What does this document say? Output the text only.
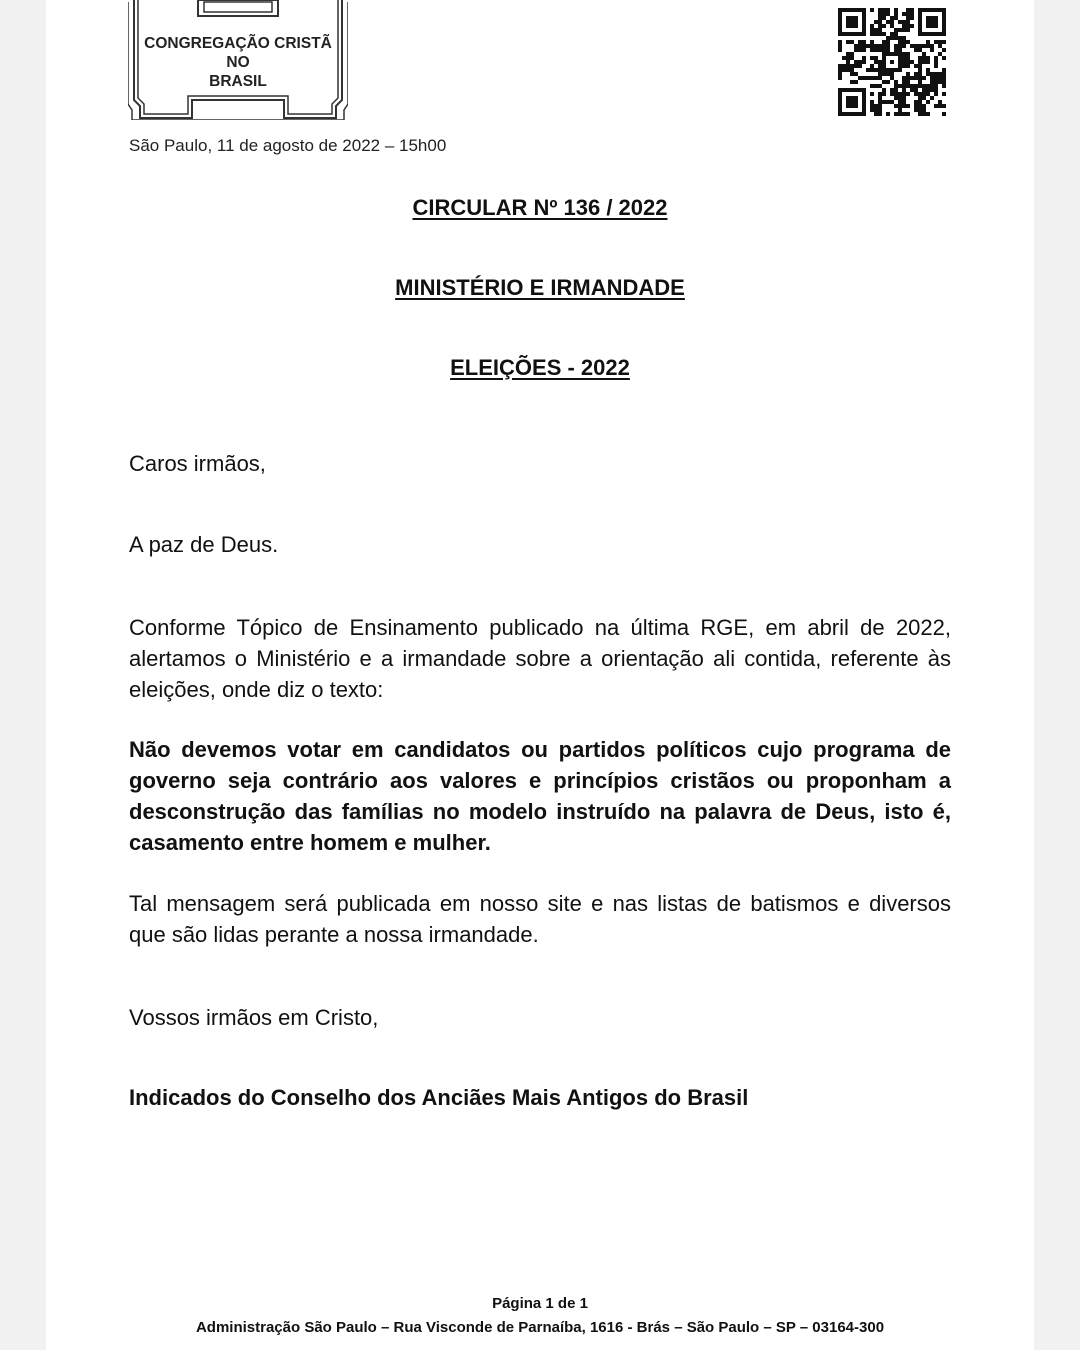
CONGREGAÇÃO CRISTÃ
NO
BRASIL
São Paulo, 11 de agosto de 2022 – 15h00
CIRCULAR Nº 136 / 2022
MINISTÉRIO E IRMANDADE
ELEIÇÕES - 2022
Caros irmãos,
A paz de Deus.
Conforme Tópico de Ensinamento publicado na última RGE, em abril de 2022, alertamos o Ministério e a irmandade sobre a orientação ali contida, referente às eleições, onde diz o texto:
Não devemos votar em candidatos ou partidos políticos cujo programa de governo seja contrário aos valores e princípios cristãos ou proponham a desconstrução das famílias no modelo instruído na palavra de Deus, isto é, casamento entre homem e mulher.
Tal mensagem será publicada em nosso site e nas listas de batismos e diversos que são lidas perante a nossa irmandade.
Vossos irmãos em Cristo,
Indicados do Conselho dos Anciães Mais Antigos do Brasil
Página 1 de 1
Administração São Paulo – Rua Visconde de Parnaíba, 1616 - Brás – São Paulo – SP – 03164-300
